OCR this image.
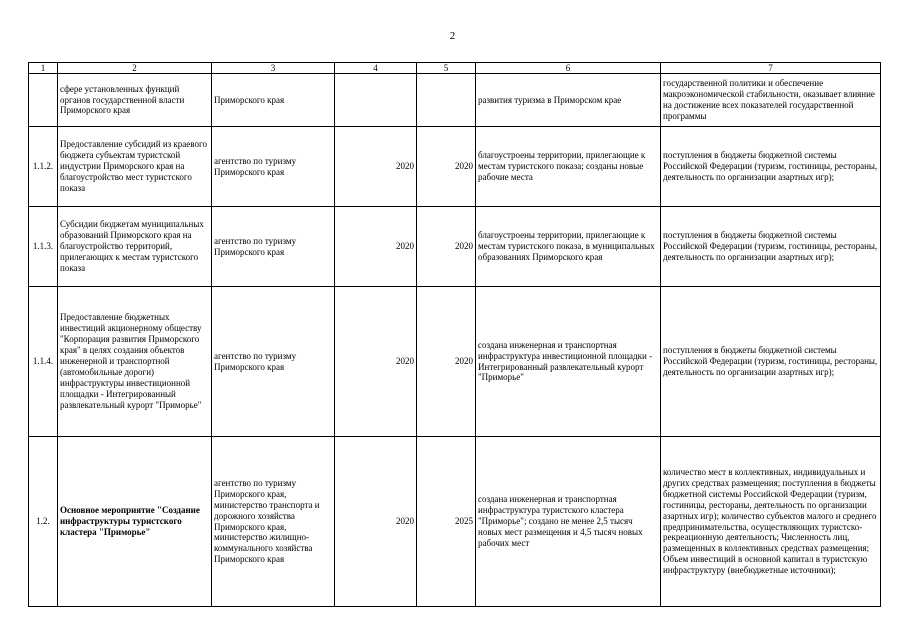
2
1	2	3	4	5	6	7
	сфере установленных функций органов государственной власти Приморского края	Приморского края			развития туризма в Приморском крае	государственной политики и обеспечение макроэкономической стабильности, оказывает влияние на достижение всех показателей государственной программы
1.1.2.	Предоставление субсидий из краевого бюджета субъектам туристской индустрии Приморского края на благоустройство мест туристского показа	агентство по туризму Приморского края	2020	2020	благоустроены территории, прилегающие к местам туристского показа; созданы новые рабочие места	поступления в бюджеты бюджетной системы Российской Федерации (туризм, гостиницы, рестораны, деятельность по организации азартных игр);
1.1.3.	Субсидии бюджетам муниципальных образований Приморского края на благоустройство территорий, прилегающих к местам туристского показа	агентство по туризму Приморского края	2020	2020	благоустроены территории, прилегающие к местам туристского показа, в муниципальных образованиях Приморского края	поступления в бюджеты бюджетной системы Российской Федерации (туризм, гостиницы, рестораны, деятельность по организации азартных игр);
1.1.4.	Предоставление бюджетных инвестиций акционерному обществу "Корпорация развития Приморского края" в целях создания объектов инженерной и транспортной (автомобильные дороги) инфраструктуры инвестиционной площадки - Интегрированный развлекательный курорт "Приморье"	агентство по туризму Приморского края	2020	2020	создана инженерная и транспортная инфраструктура инвестиционной площадки - Интегрированный развлекательный курорт "Приморье"	поступления в бюджеты бюджетной системы Российской Федерации (туризм, гостиницы, рестораны, деятельность по организации азартных игр);
1.2.	Основное мероприятие "Создание инфраструктуры туристского кластера "Приморье"	агентство по туризму Приморского края, министерство транспорта и дорожного хозяйства Приморского края, министерство жилищно-коммунального хозяйства Приморского края	2020	2025	создана инженерная и транспортная инфраструктура туристского кластера "Приморье"; создано не менее 2,5 тысяч новых мест размещения и 4,5 тысяч новых рабочих мест	количество мест в коллективных, индивидуальных и других средствах размещения; поступления в бюджеты бюджетной системы Российской Федерации (туризм, гостиницы, рестораны, деятельность по организации азартных игр); количество субъектов малого и среднего предпринимательства, осуществляющих туристско-рекреационную деятельность; Численность лиц, размещенных в коллективных средствах размещения; Объем инвестиций в основной капитал в туристскую инфраструктуру (внебюджетные источники);
